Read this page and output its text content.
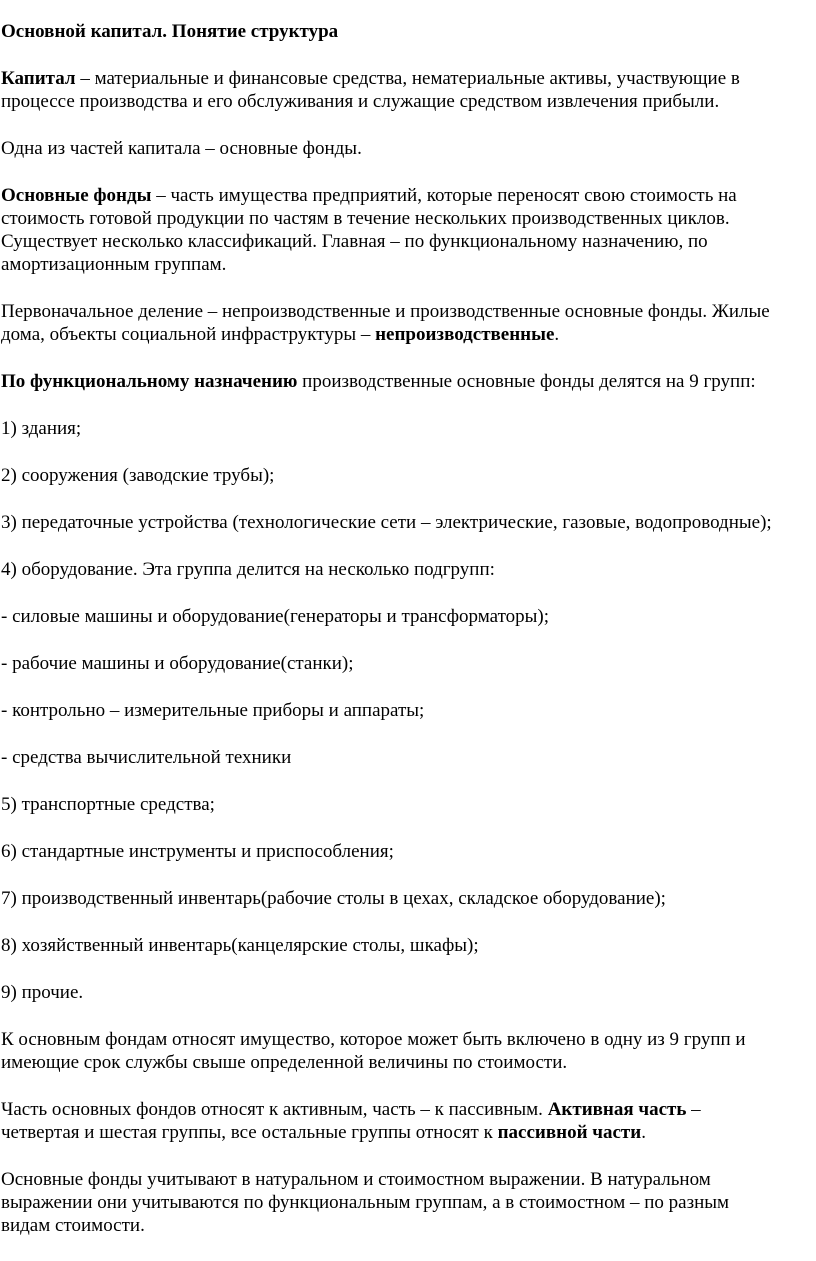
Основной капитал. Понятие структура

Капитал – материальные и финансовые средства, нематериальные активы, участвующие в
процессе производства и его обслуживания и служащие средством извлечения прибыли.

Одна из частей капитала – основные фонды.

Основные фонды – часть имущества предприятий, которые переносят свою стоимость на
стоимость готовой продукции по частям в течение нескольких производственных циклов.
Существует несколько классификаций. Главная – по функциональному назначению, по
амортизационным группам.

Первоначальное деление – непроизводственные и производственные основные фонды. Жилые
дома, объекты социальной инфраструктуры – непроизводственные.

По функциональному назначению производственные основные фонды делятся на 9 групп:

1) здания;

2) сооружения (заводские трубы);

3) передаточные устройства (технологические сети – электрические, газовые, водопроводные);

4) оборудование. Эта группа делится на несколько подгрупп:

- силовые машины и оборудование(генераторы и трансформаторы);

- рабочие машины и оборудование(станки);

- контрольно – измерительные приборы и аппараты;

- средства вычислительной техники

5) транспортные средства;

6) стандартные инструменты и приспособления;

7) производственный инвентарь(рабочие столы в цехах, складское оборудование);

8) хозяйственный инвентарь(канцелярские столы, шкафы);

9) прочие.

К основным фондам относят имущество, которое может быть включено в одну из 9 групп и
имеющие срок службы свыше определенной величины по стоимости.

Часть основных фондов относят к активным, часть – к пассивным. Активная часть –
четвертая и шестая группы, все остальные группы относят к пассивной части.

Основные фонды учитывают в натуральном и стоимостном выражении. В натуральном
выражении они учитываются по функциональным группам, а в стоимостном – по разным
видам стоимости.
